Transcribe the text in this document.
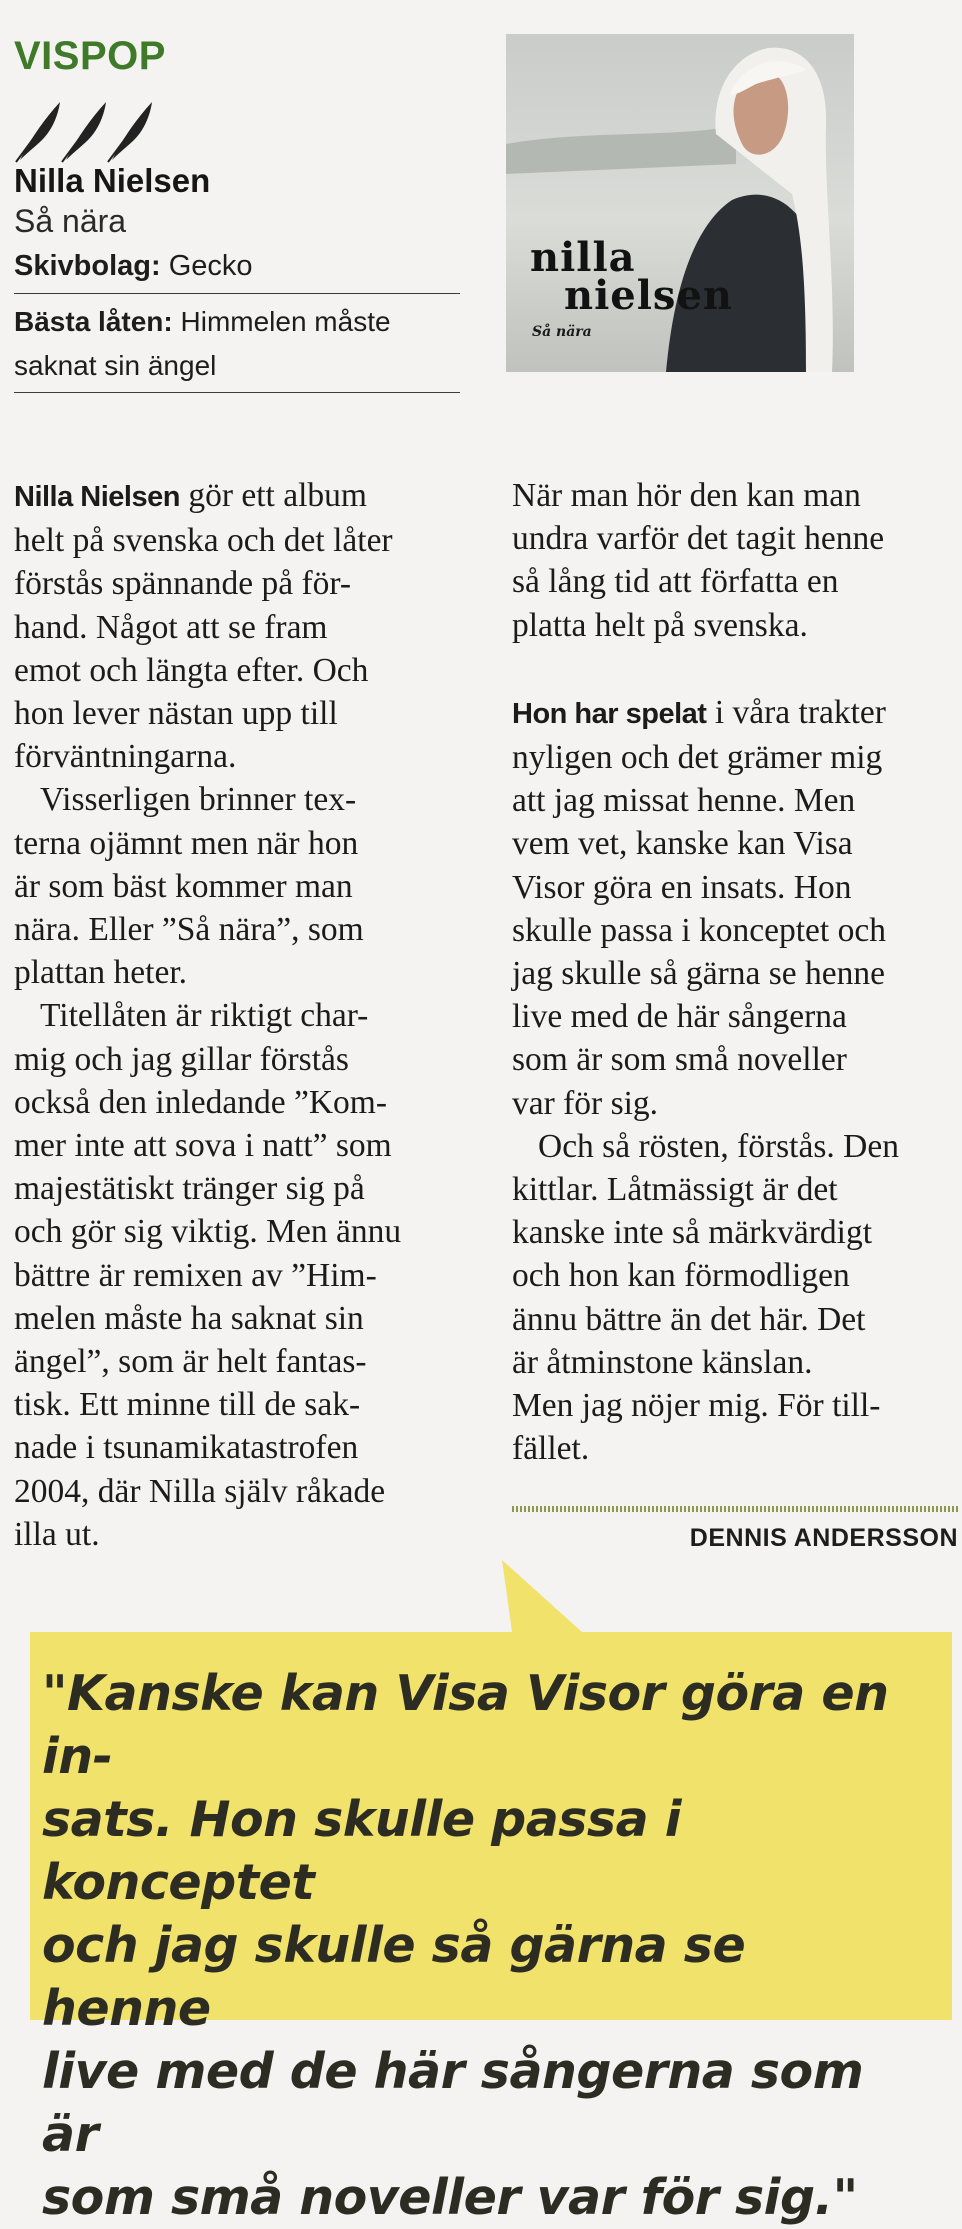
VISPOP
Nilla Nielsen
Så nära
Skivbolag: Gecko
Bästa låten: Himmelen måste saknat sin ängel
nilla
nielsen
Så nära

Nilla Nielsen gör ett album
helt på svenska och det låter
förstås spännande på för-
hand. Något att se fram
emot och längta efter. Och
hon lever nästan upp till
förväntningarna.

Visserligen brinner tex-
terna ojämnt men när hon
är som bäst kommer man
nära. Eller ”Så nära”, som
plattan heter.

Titellåten är riktigt char-
mig och jag gillar förstås
också den inledande ”Kom-
mer inte att sova i natt” som
majestätiskt tränger sig på
och gör sig viktig. Men ännu
bättre är remixen av ”Him-
melen måste ha saknat sin
ängel”, som är helt fantas-
tisk. Ett minne till de sak-
nade i tsunamikatastrofen
2004, där Nilla själv råkade
illa ut.

När man hör den kan man
undra varför det tagit henne
så lång tid att författa en
platta helt på svenska.

Hon har spelat i våra trakter
nyligen och det grämer mig
att jag missat henne. Men
vem vet, kanske kan Visa
Visor göra en insats. Hon
skulle passa i konceptet och
jag skulle så gärna se henne
live med de här sångerna
som är som små noveller
var för sig.

Och så rösten, förstås. Den
kittlar. Låtmässigt är det
kanske inte så märkvärdigt
och hon kan förmodligen
ännu bättre än det här. Det
är åtminstone känslan.
Men jag nöjer mig. För till-
fället.

DENNIS ANDERSSON
"Kanske kan Visa Visor göra en in-
sats. Hon skulle passa i konceptet
och jag skulle så gärna se henne
live med de här sångerna som är
som små noveller var för sig."
